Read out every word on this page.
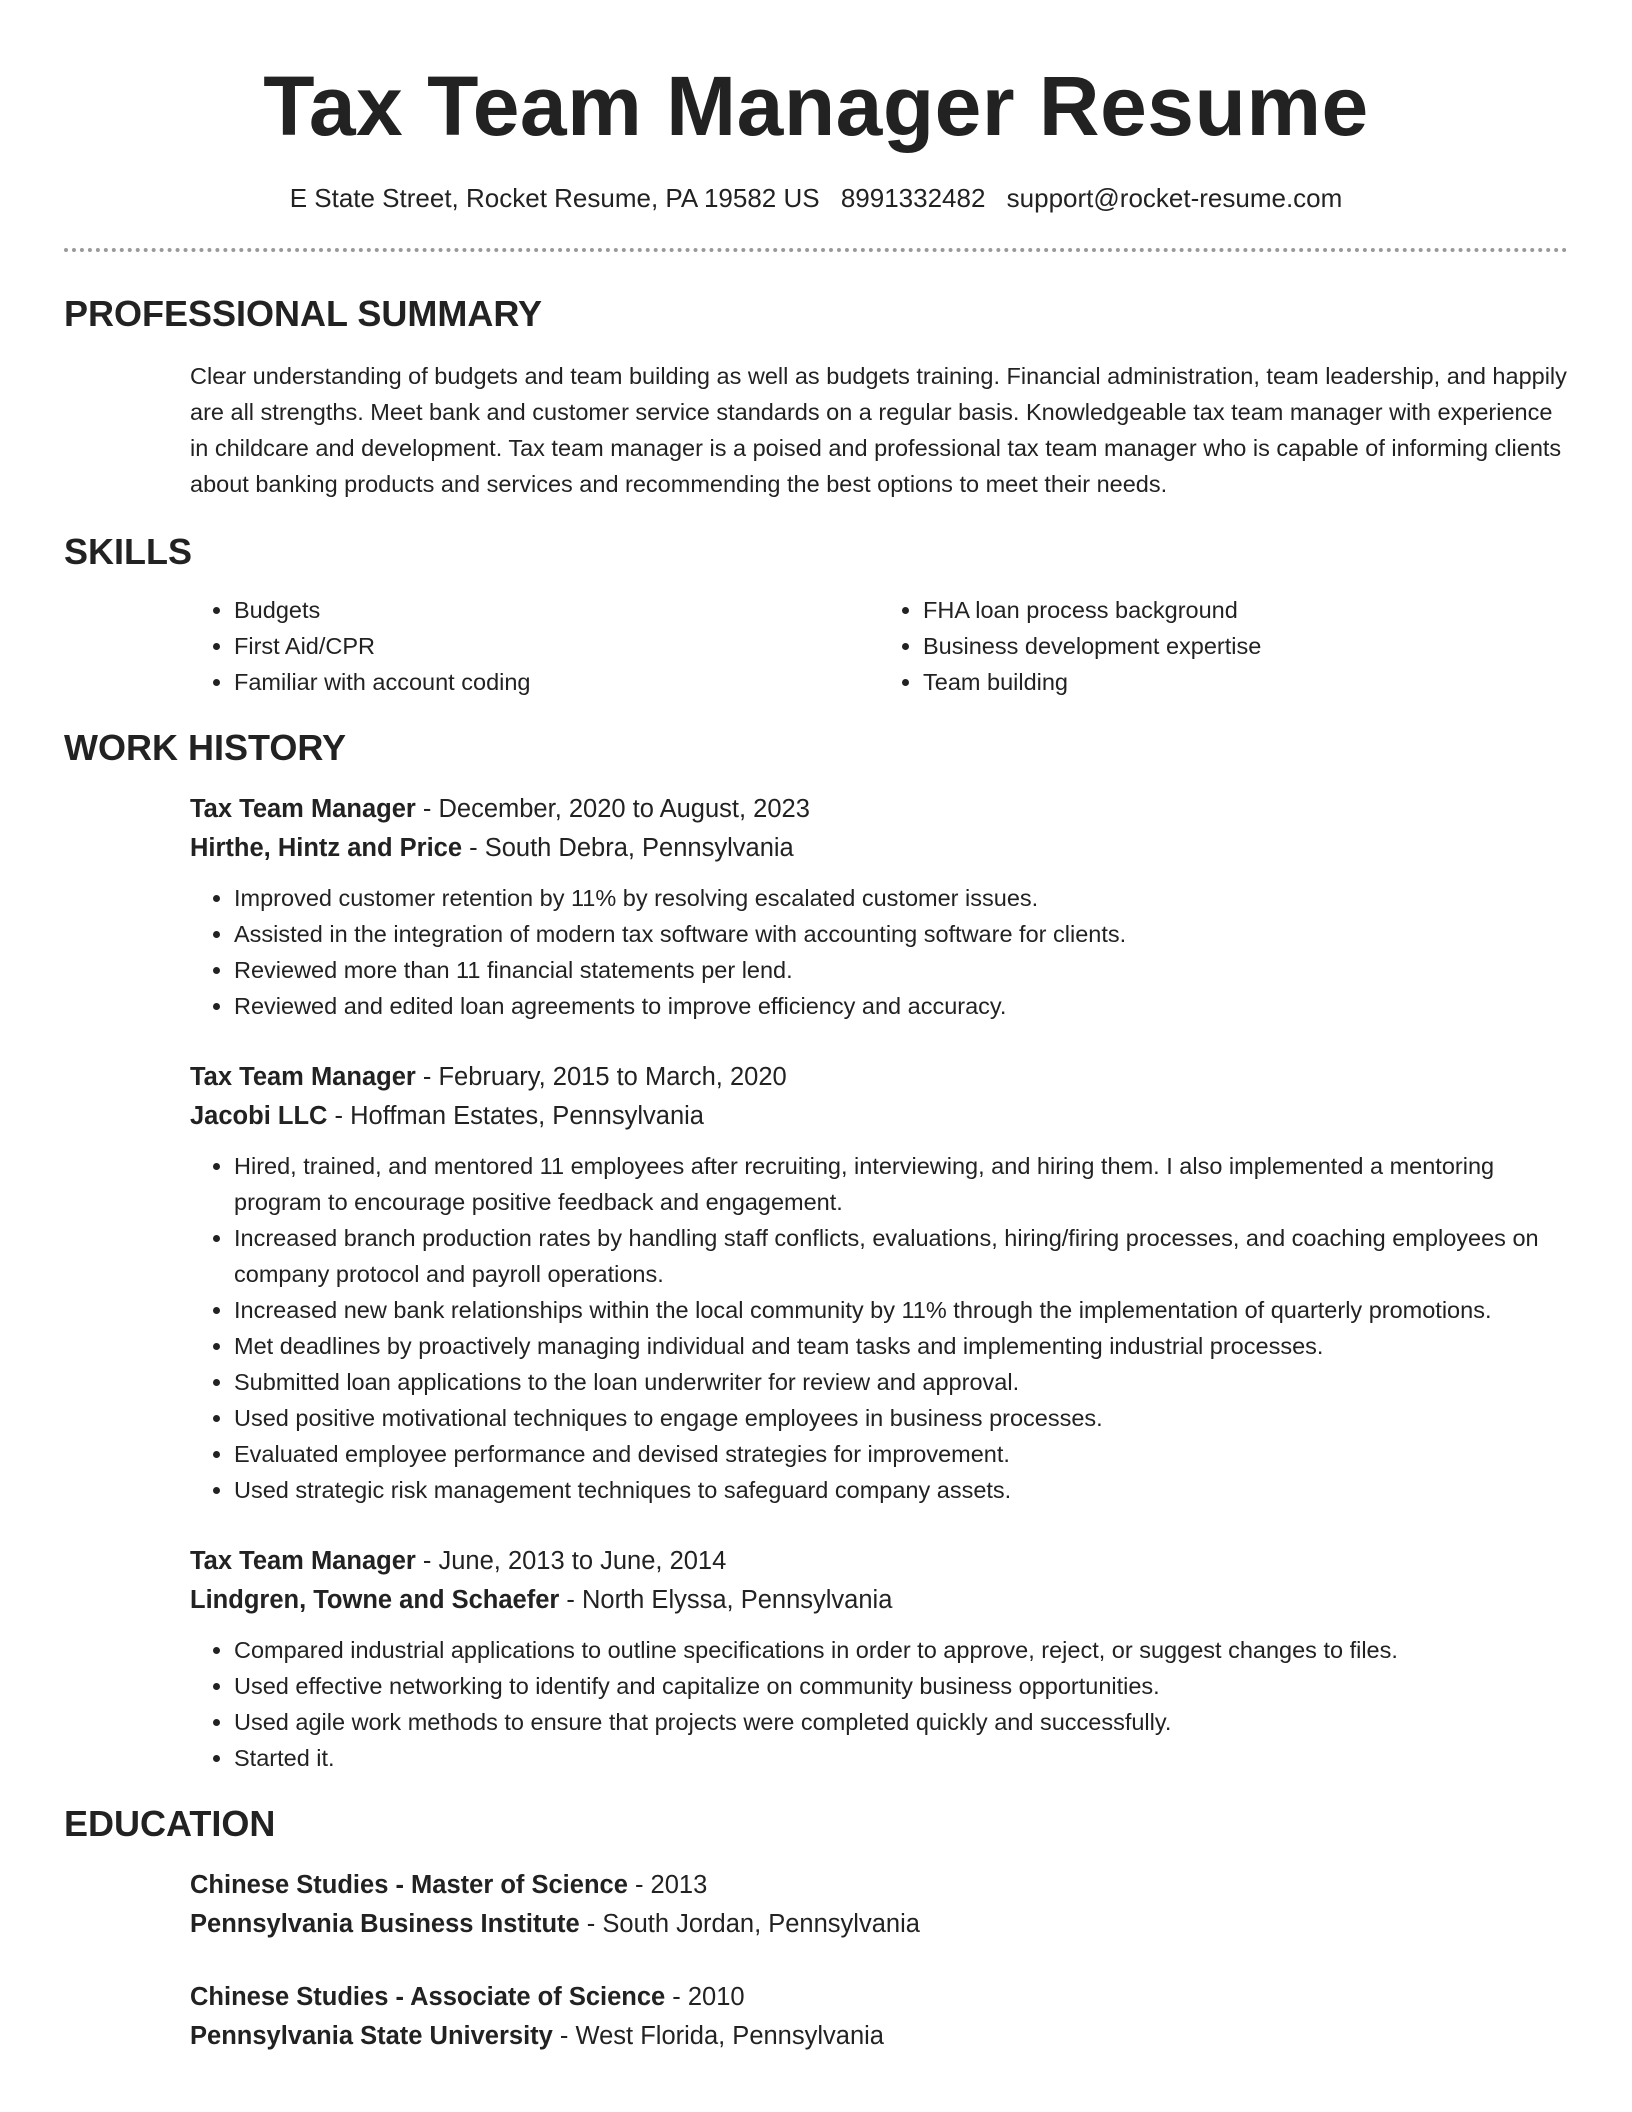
Tax Team Manager Resume
E State Street, Rocket Resume, PA 19582 US 8991332482 support@rocket-resume.com
PROFESSIONAL SUMMARY
Clear understanding of budgets and team building as well as budgets training. Financial administration, team leadership, and happily are all strengths. Meet bank and customer service standards on a regular basis. Knowledgeable tax team manager with experience in childcare and development. Tax team manager is a poised and professional tax team manager who is capable of informing clients about banking products and services and recommending the best options to meet their needs.
SKILLS
• Budgets
• First Aid/CPR
• Familiar with account coding
• FHA loan process background
• Business development expertise
• Team building
WORK HISTORY
Tax Team Manager - December, 2020 to August, 2023
Hirthe, Hintz and Price - South Debra, Pennsylvania
• Improved customer retention by 11% by resolving escalated customer issues.
• Assisted in the integration of modern tax software with accounting software for clients.
• Reviewed more than 11 financial statements per lend.
• Reviewed and edited loan agreements to improve efficiency and accuracy.
Tax Team Manager - February, 2015 to March, 2020
Jacobi LLC - Hoffman Estates, Pennsylvania
• Hired, trained, and mentored 11 employees after recruiting, interviewing, and hiring them. I also implemented a mentoring program to encourage positive feedback and engagement.
• Increased branch production rates by handling staff conflicts, evaluations, hiring/firing processes, and coaching employees on company protocol and payroll operations.
• Increased new bank relationships within the local community by 11% through the implementation of quarterly promotions.
• Met deadlines by proactively managing individual and team tasks and implementing industrial processes.
• Submitted loan applications to the loan underwriter for review and approval.
• Used positive motivational techniques to engage employees in business processes.
• Evaluated employee performance and devised strategies for improvement.
• Used strategic risk management techniques to safeguard company assets.
Tax Team Manager - June, 2013 to June, 2014
Lindgren, Towne and Schaefer - North Elyssa, Pennsylvania
• Compared industrial applications to outline specifications in order to approve, reject, or suggest changes to files.
• Used effective networking to identify and capitalize on community business opportunities.
• Used agile work methods to ensure that projects were completed quickly and successfully.
• Started it.
EDUCATION
Chinese Studies - Master of Science - 2013
Pennsylvania Business Institute - South Jordan, Pennsylvania
Chinese Studies - Associate of Science - 2010
Pennsylvania State University - West Florida, Pennsylvania
